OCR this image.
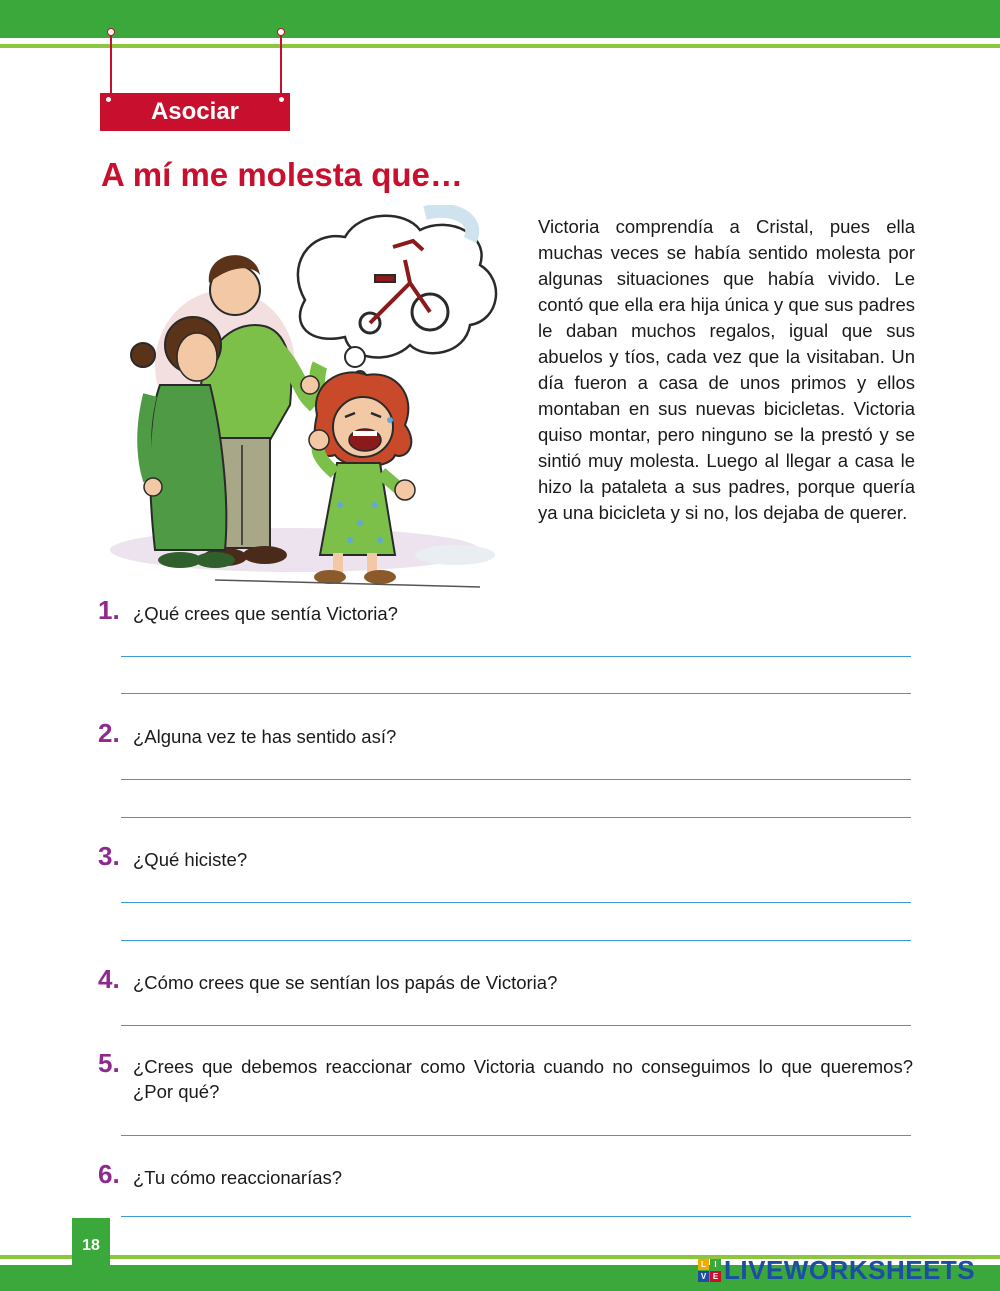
Asociar
A mí me molesta que…

Victoria comprendía a Cristal, pues ella muchas veces se había sentido molesta por algunas situaciones que había vivido. Le contó que ella era hija única y que sus padres le daban muchos regalos, igual que sus abuelos y tíos, cada vez que la visitaban. Un día fueron a casa de unos primos y ellos montaban en sus nuevas bicicletas. Victoria quiso montar, pero ninguno se la prestó y se sintió muy molesta. Luego al llegar a casa le hizo la pataleta a sus padres, porque quería ya una bicicleta y si no, los dejaba de querer.

1. ¿Qué crees que sentía Victoria?
2. ¿Alguna vez te has sentido así?
3. ¿Qué hiciste?
4. ¿Cómo crees que se sentían los papás de Victoria?
5. ¿Crees que debemos reaccionar como Victoria cuando no conseguimos lo que queremos? ¿Por qué?
6. ¿Tu cómo reaccionarías?
18
L	I
V E LIVEWORKSHEETS
